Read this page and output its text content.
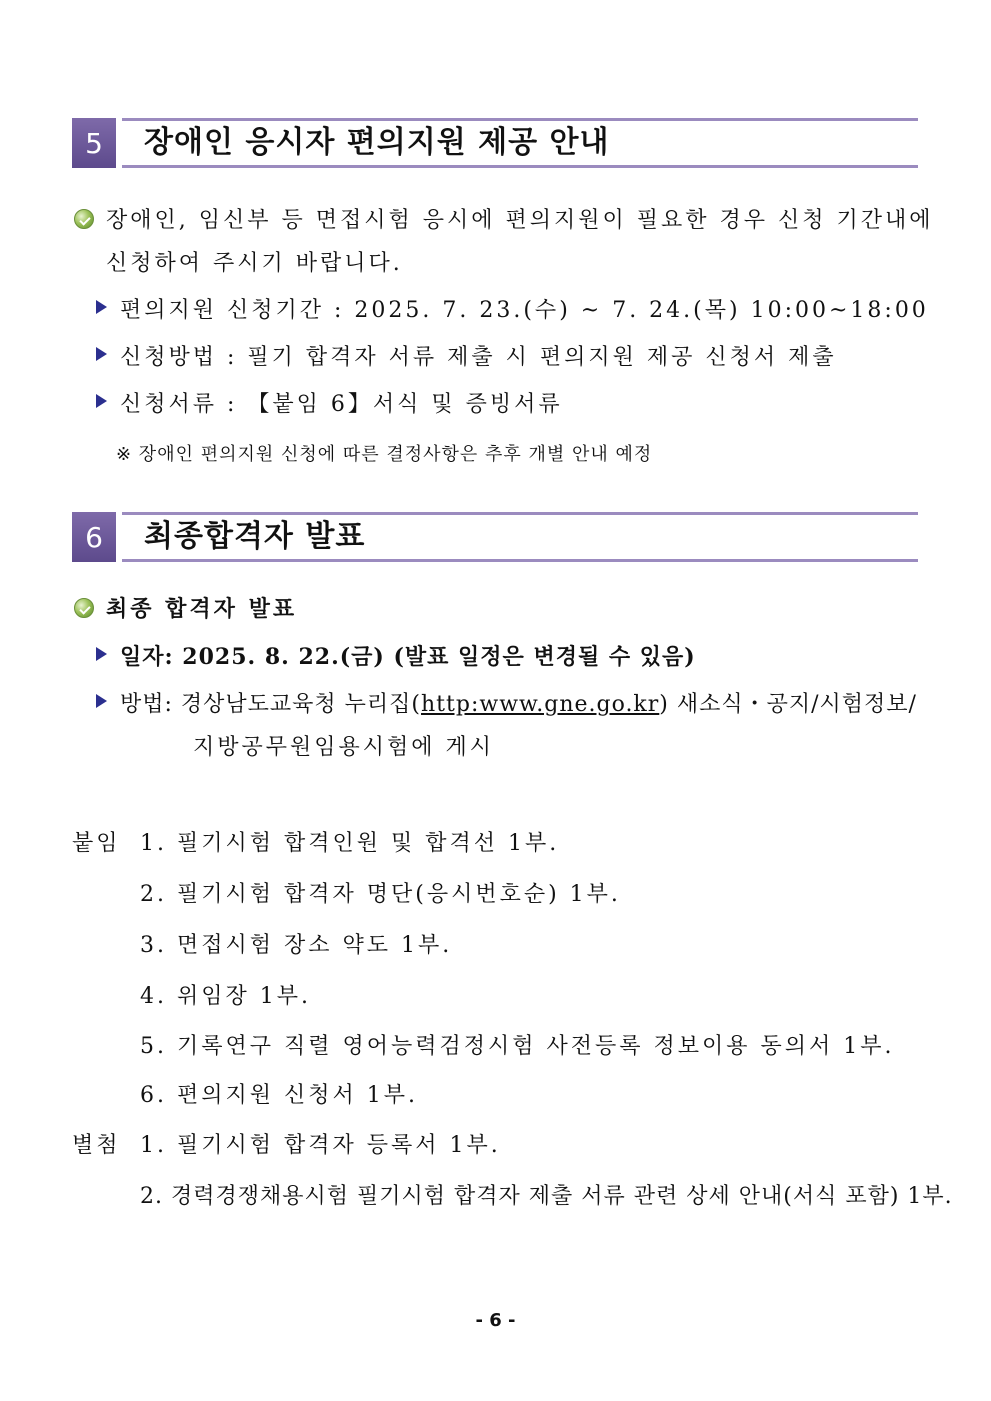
5	장애인 응시자 편의지원 제공 안내
장애인, 임신부 등 면접시험 응시에 편의지원이 필요한 경우 신청 기간내에
신청하여 주시기 바랍니다.
편의지원 신청기간 : 2025. 7. 23.(수) ~ 7. 24.(목) 10:00~18:00
신청방법 : 필기 합격자 서류 제출 시 편의지원 제공 신청서 제출
신청서류 : 【붙임 6】서식 및 증빙서류
※ 장애인 편의지원 신청에 따른 결정사항은 추후 개별 안내 예정
6	최종합격자 발표
최종 합격자 발표
일자: 2025. 8. 22.(금) (발표 일정은 변경될 수 있음)
방법: 경상남도교육청 누리집(http:www.gne.go.kr) 새소식・공지/시험정보/
지방공무원임용시험에 게시
붙임 1. 필기시험 합격인원 및 합격선 1부.
2. 필기시험 합격자 명단(응시번호순) 1부.
3. 면접시험 장소 약도 1부.
4. 위임장 1부.
5. 기록연구 직렬 영어능력검정시험 사전등록 정보이용 동의서 1부.
6. 편의지원 신청서 1부.
별첨 1. 필기시험 합격자 등록서 1부.
2. 경력경쟁채용시험 필기시험 합격자 제출 서류 관련 상세 안내(서식 포함) 1부.
- 6 -
